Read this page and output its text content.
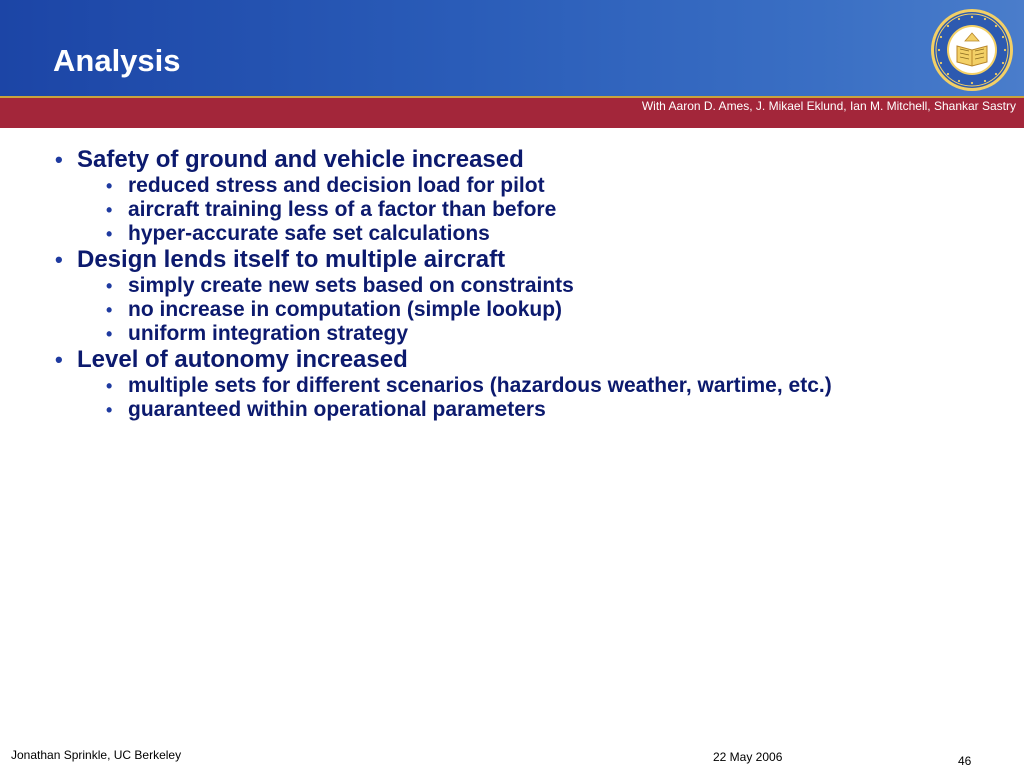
Analysis
With Aaron D. Ames, J. Mikael Eklund, Ian M. Mitchell, Shankar Sastry
• Safety of ground and vehicle increased
• reduced stress and decision load for pilot
• aircraft training less of a factor than before
• hyper-accurate safe set calculations
• Design lends itself to multiple aircraft
• simply create new sets based on constraints
• no increase in computation (simple lookup)
• uniform integration strategy
• Level of autonomy increased
• multiple sets for different scenarios (hazardous weather, wartime, etc.)
• guaranteed within operational parameters
Jonathan Sprinkle, UC Berkeley	22 May 2006	46
